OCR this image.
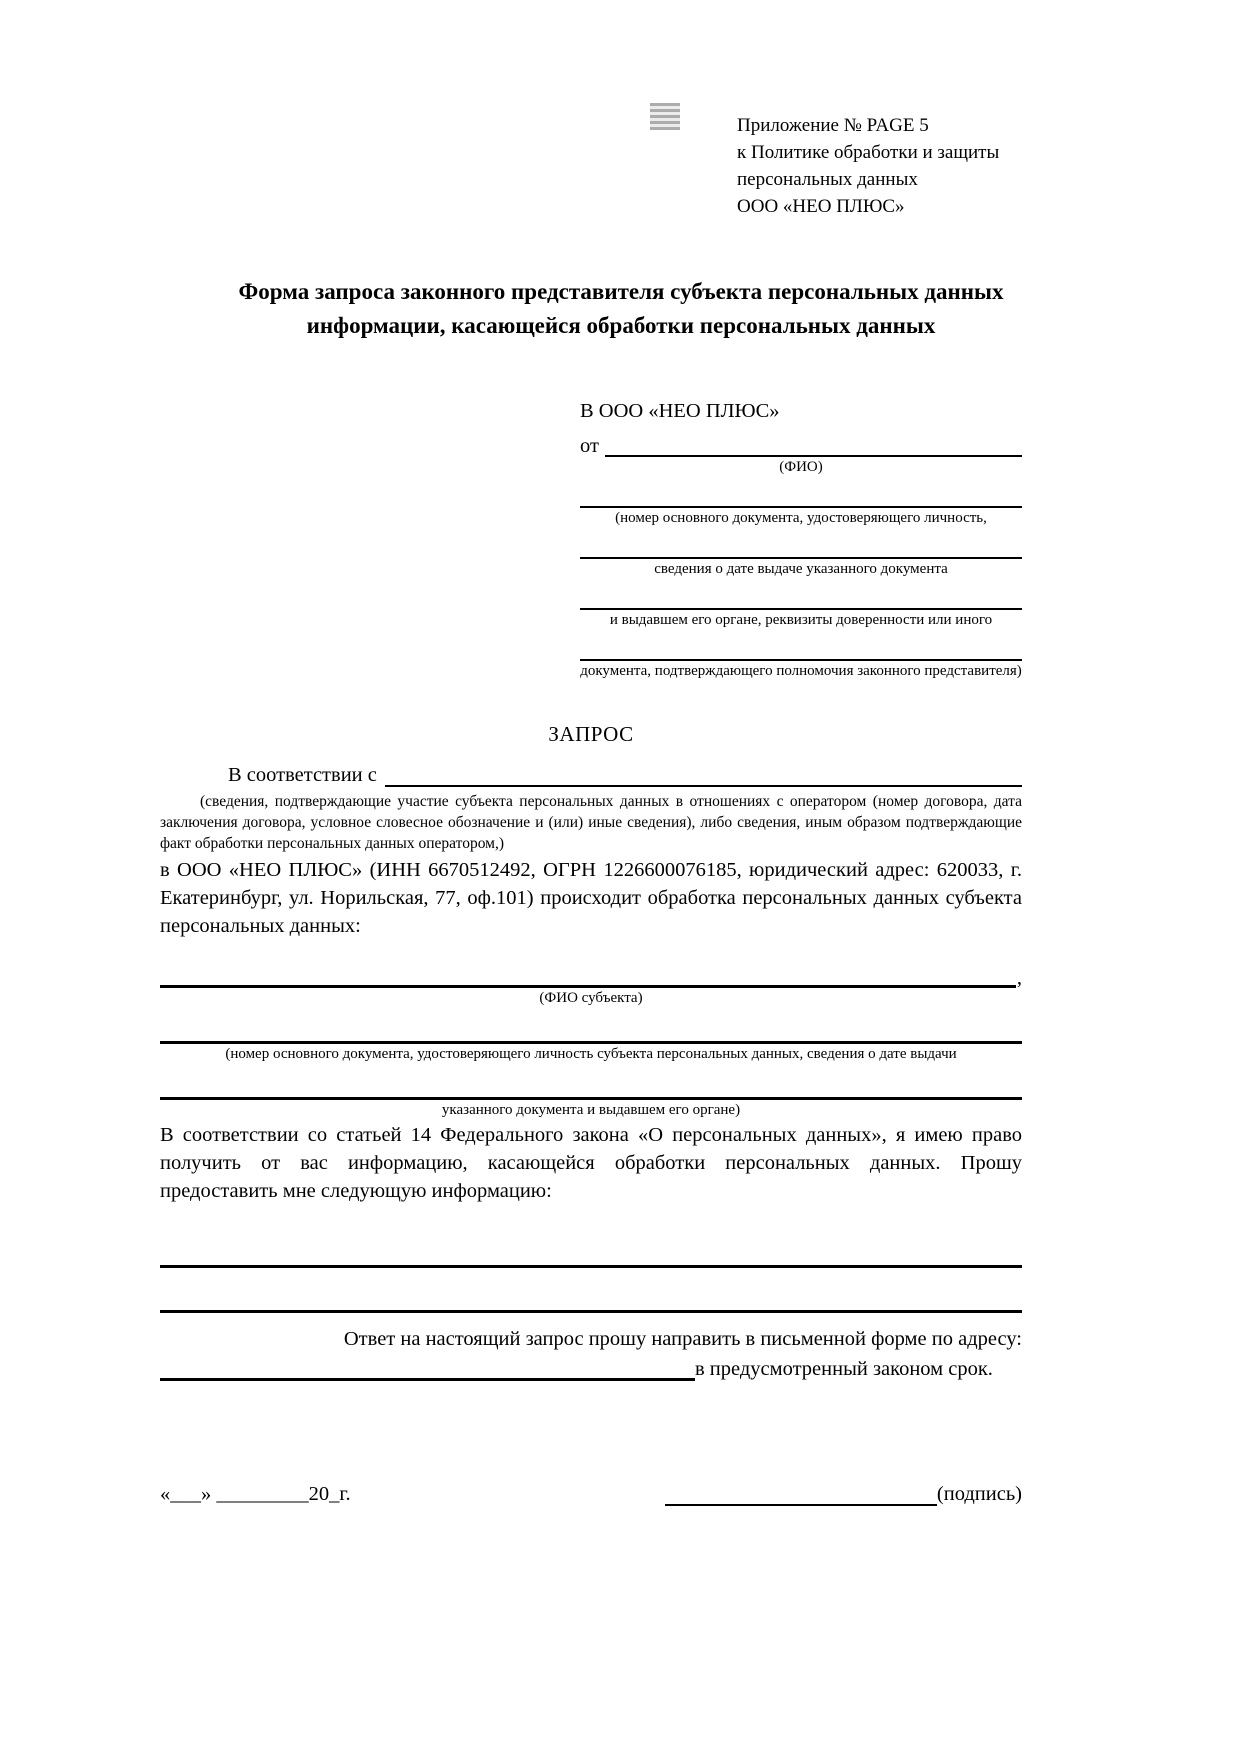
Приложение № PAGE 5
к Политике обработки и защиты
персональных данных
ООО «НЕО ПЛЮС»
Форма запроса законного представителя субъекта персональных данных
информации, касающейся обработки персональных данных
В ООО «НЕО ПЛЮС»
от
(ФИО)
(номер основного документа, удостоверяющего личность,
сведения о дате выдаче указанного документа
и выдавшем его органе, реквизиты доверенности или иного
документа, подтверждающего полномочия законного представителя)
ЗАПРОС
В соответствии с
(сведения, подтверждающие участие субъекта персональных данных в отношениях с оператором (номер договора, дата заключения договора, условное словесное обозначение и (или) иные сведения), либо сведения, иным образом подтверждающие факт обработки персональных данных оператором,)

в ООО «НЕО ПЛЮС» (ИНН 6670512492, ОГРН 1226600076185, юридический адрес: 620033, г. Екатеринбург, ул. Норильская, 77, оф.101) происходит обработка персональных данных субъекта персональных данных:

,
(ФИО субъекта)
(номер основного документа, удостоверяющего личность субъекта персональных данных, сведения о дате выдачи
указанного документа и выдавшем его органе)

В соответствии со статьей 14 Федерального закона «О персональных данных», я имею право получить от вас информацию, касающейся обработки персональных данных. Прошу предоставить мне следующую информацию:

Ответ на настоящий запрос прошу направить в письменной форме по адресу:
в предусмотренный законом срок.
«___» _________20_г.	(подпись)
